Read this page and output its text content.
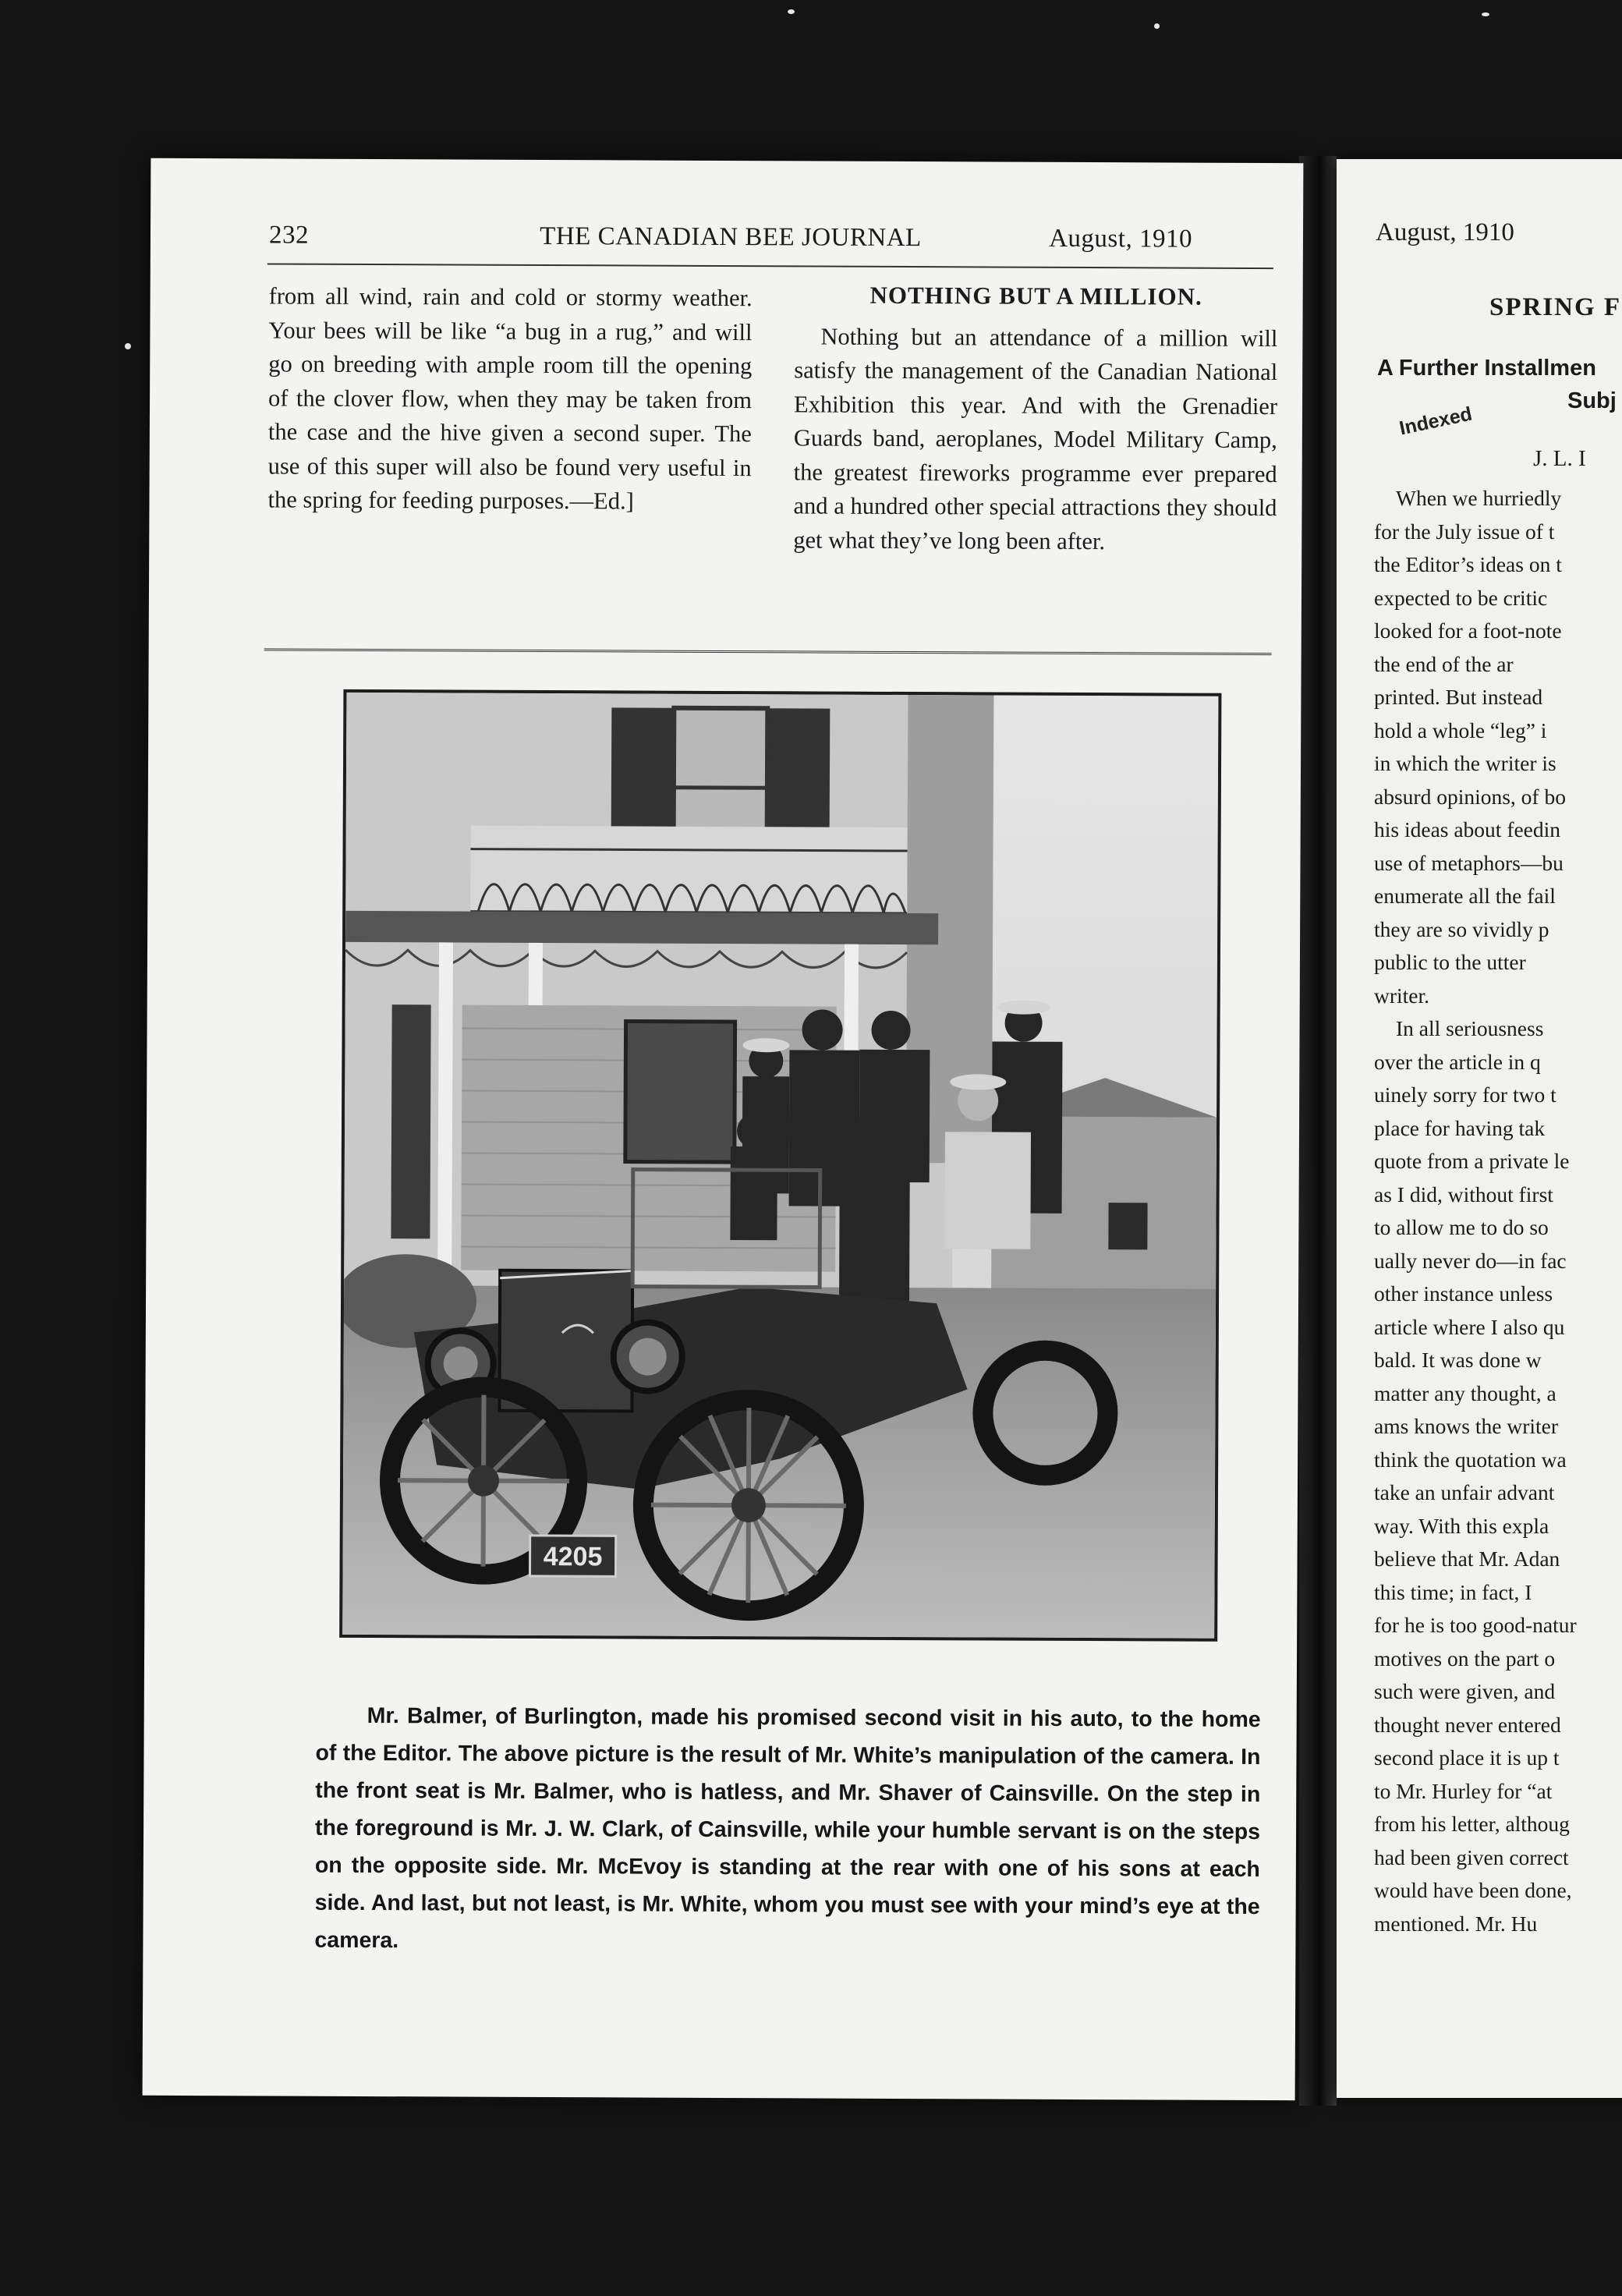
232	THE CANADIAN BEE JOURNAL	August, 1910

from all wind, rain and cold or stormy weather. Your bees will be like “a bug in a rug,” and will go on breeding with ample room till the opening of the clover flow, when they may be taken from the case and the hive given a second super. The use of this super will also be found very useful in the spring for feeding purposes.—Ed.]

NOTHING BUT A MILLION.

Nothing but an attendance of a million will satisfy the management of the Canadian National Exhibition this year. And with the Grenadier Guards band, aeroplanes, Model Military Camp, the greatest fireworks programme ever prepared and a hundred other special attractions they should get what they’ve long been after.

4205

Mr. Balmer, of Burlington, made his promised second visit in his auto, to the home of the Editor. The above picture is the result of Mr. White’s manipulation of the camera. In the front seat is Mr. Balmer, who is hatless, and Mr. Shaver of Cainsville. On the step in the foreground is Mr. J. W. Clark, of Cainsville, while your humble servant is on the steps on the opposite side. Mr. McEvoy is standing at the rear with one of his sons at each side. And last, but not least, is Mr. White, whom you must see with your mind’s eye at the camera.

August, 1910
SPRING F
A Further Installmen
Subj
Indexed
J. L. I
When we hurriedly
for the July issue of t
the Editor’s ideas on t
expected to be critic
looked for a foot-note
the end of the ar
printed. But instead
hold a whole “leg” i
in which the writer is
absurd opinions, of bo
his ideas about feedin
use of metaphors—bu
enumerate all the fail
they are so vividly p
public to the utter
writer.
In all seriousness
over the article in q
uinely sorry for two t
place for having tak
quote from a private le
as I did, without first
to allow me to do so
ually never do—in fac
other instance unless
article where I also qu
bald. It was done w
matter any thought, a
ams knows the writer
think the quotation wa
take an unfair advant
way. With this expla
believe that Mr. Adan
this time; in fact, I
for he is too good-natur
motives on the part o
such were given, and
thought never entered
second place it is up t
to Mr. Hurley for “at
from his letter, althoug
had been given correct
would have been done,
mentioned. Mr. Hu
